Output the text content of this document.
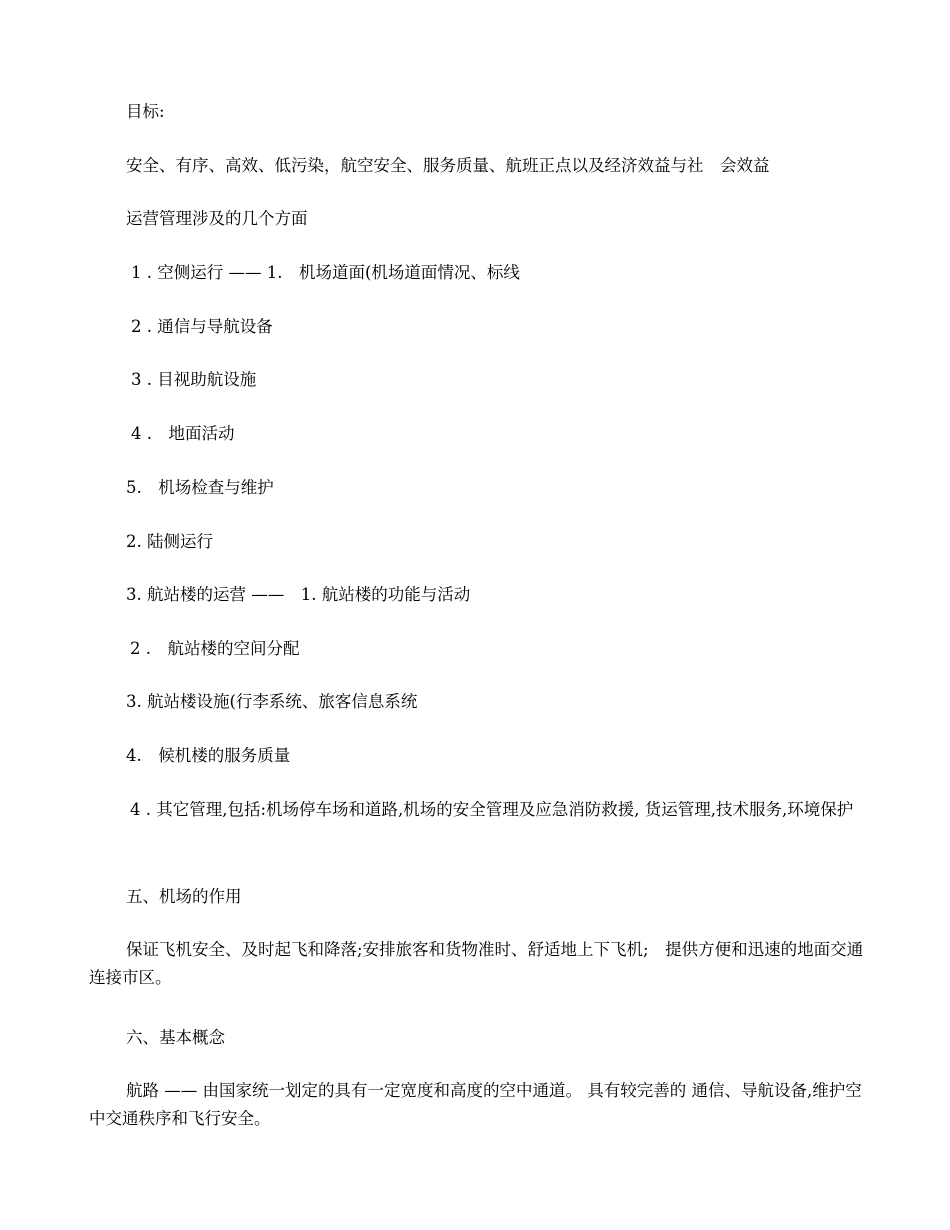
目标:

安全、有序、高效、低污染，航空安全、服务质量、航班正点以及经济效益与社　会效益

运营管理涉及的几个方面

1 . 空侧运行 —— 1.　机场道面(机场道面情况、标线

2 . 通信与导航设备

3 . 目视助航设施

4 .　地面活动

5.　机场检查与维护

2. 陆侧运行

3. 航站楼的运营 ——　1. 航站楼的功能与活动

2 .　航站楼的空间分配

3. 航站楼设施(行李系统、旅客信息系统

4.　候机楼的服务质量

4 . 其它管理,包括:机场停车场和道路,机场的安全管理及应急消防救援, 货运管理,技术服务,环境保护

五、机场的作用

保证飞机安全、及时起飞和降落;安排旅客和货物准时、舒适地上下飞机;　提供方便和迅速的地面交通连接市区。

六、基本概念

航路 —— 由国家统一划定的具有一定宽度和高度的空中通道。 具有较完善的 通信、导航设备,维护空中交通秩序和飞行安全。
